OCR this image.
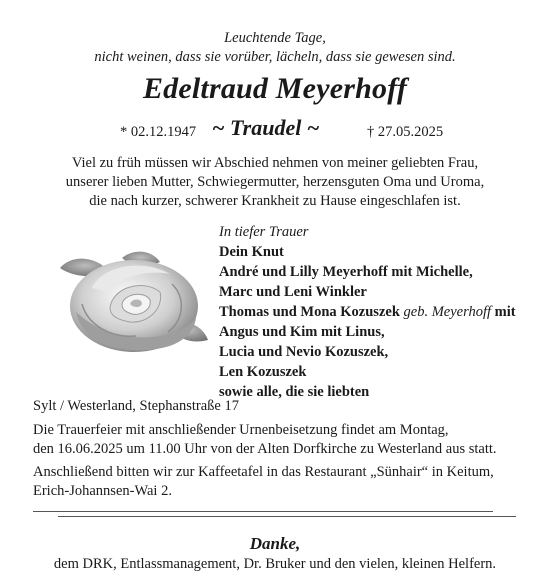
Leuchtende Tage,
nicht weinen, dass sie vorüber, lächeln, dass sie gewesen sind.
Edeltraud Meyerhoff
* 02.12.1947 ~ Traudel ~	† 27.05.2025
Viel zu früh müssen wir Abschied nehmen von meiner geliebten Frau,
unserer lieben Mutter, Schwiegermutter, herzensguten Oma und Uroma,
die nach kurzer, schwerer Krankheit zu Hause eingeschlafen ist.
In tiefer Trauer
Dein Knut
André und Lilly Meyerhoff mit Michelle,
Marc und Leni Winkler
Thomas und Mona Kozuszek geb. Meyerhoff mit
Angus und Kim mit Linus,
Lucia und Nevio Kozuszek,
Len Kozuszek
sowie alle, die sie liebten
Sylt / Westerland, Stephanstraße 17
Die Trauerfeier mit anschließender Urnenbeisetzung findet am Montag,
den 16.06.2025 um 11.00 Uhr von der Alten Dorfkirche zu Westerland aus statt.
Anschließend bitten wir zur Kaffeetafel in das Restaurant „Sünhair“ in Keitum,
Erich-Johannsen-Wai 2.
Danke,
dem DRK, Entlassmanagement, Dr. Bruker und den vielen, kleinen Helfern.
